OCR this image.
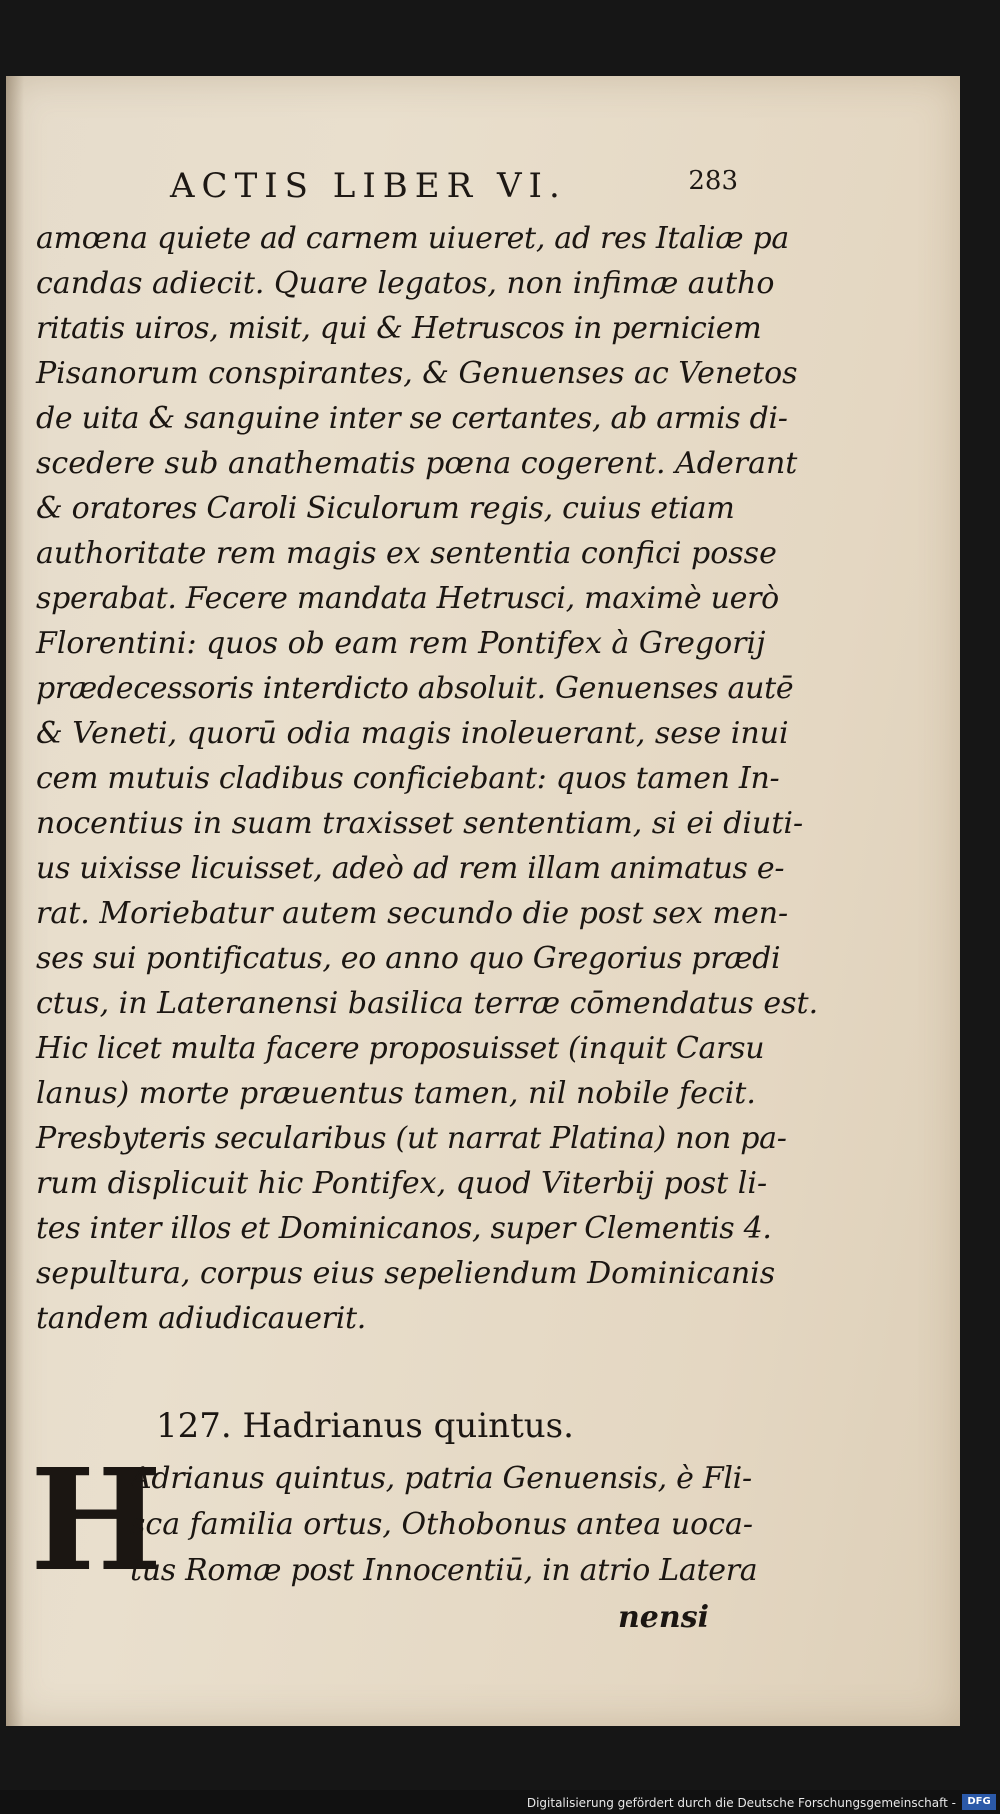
ACTIS LIBER VI.	283
amœna quiete ad carnem uiueret, ad res Italiæ pa
candas adiecit. Quare legatos, non infimæ autho
ritatis uiros, misit, qui & Hetruscos in perniciem
Pisanorum conspirantes, & Genuenses ac Venetos
de uita & sanguine inter se certantes, ab armis di-
scedere sub anathematis pœna cogerent. Aderant
& oratores Caroli Siculorum regis, cuius etiam
authoritate rem magis ex sententia confici posse
sperabat. Fecere mandata Hetrusci, maximè uerò
Florentini: quos ob eam rem Pontifex à Gregorij
prædecessoris interdicto absoluit. Genuenses autē
& Veneti, quorū odia magis inoleuerant, sese inui
cem mutuis cladibus conficiebant: quos tamen In-
nocentius in suam traxisset sententiam, si ei diuti-
us uixisse licuisset, adeò ad rem illam animatus e-
rat. Moriebatur autem secundo die post sex men-
ses sui pontificatus, eo anno quo Gregorius prædi
ctus, in Lateranensi basilica terræ cōmendatus est.
Hic licet multa facere proposuisset (inquit Carsu
lanus) morte præuentus tamen, nil nobile fecit.
Presbyteris secularibus (ut narrat Platina) non pa-
rum displicuit hic Pontifex, quod Viterbij post li-
tes inter illos et Dominicanos, super Clementis 4.
sepultura, corpus eius sepeliendum Dominicanis
tandem adiudicauerit.
127. Hadrianus quintus.
H
Adrianus quintus, patria Genuensis, è Fli-
sca familia ortus, Othobonus antea uoca-
tus Romæ post Innocentiū, in atrio Latera
nensi
Digitalisierung gefördert durch die Deutsche Forschungsgemeinschaft -	DFG
